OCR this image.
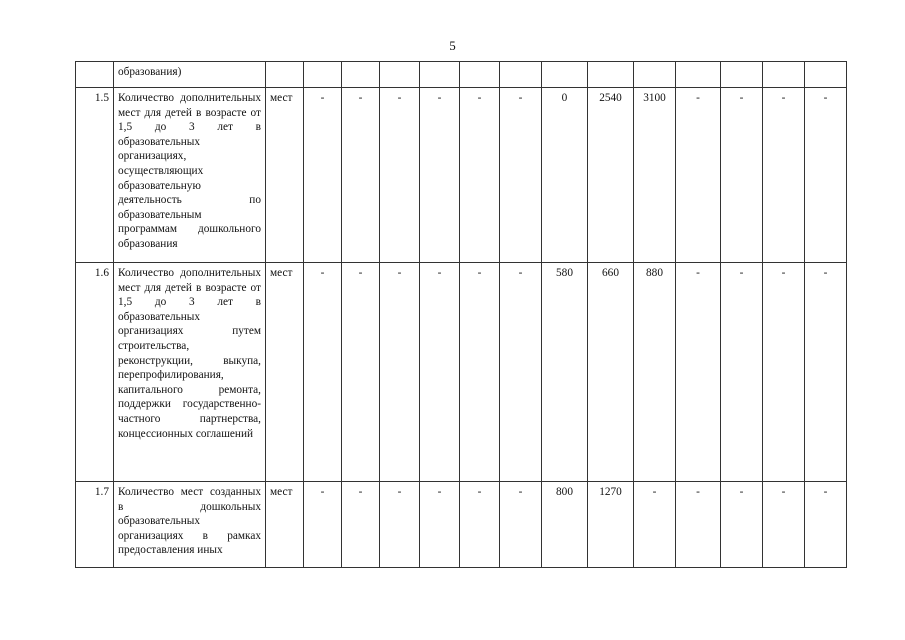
5
	образования)														
1.5	Количество дополнительных мест для детей в возрасте от 1,5 до 3 лет в образовательных организациях, осуществляющих образовательную деятельность по образовательным программам дошкольного образования	мест	-	-	-	-	-	-	0	2540	3100	-	-	-	-
1.6	Количество дополнительных мест для детей в возрасте от 1,5 до 3 лет в образовательных организациях путем строительства, реконструкции, выкупа, перепрофилирования, капитального ремонта, поддержки государственно-частного партнерства, концессионных соглашений	мест	-	-	-	-	-	-	580	660	880	-	-	-	-
1.7	Количество мест созданных в дошкольных образовательных организациях в рамках предоставления иных	мест	-	-	-	-	-	-	800	1270	-	-	-	-	-
